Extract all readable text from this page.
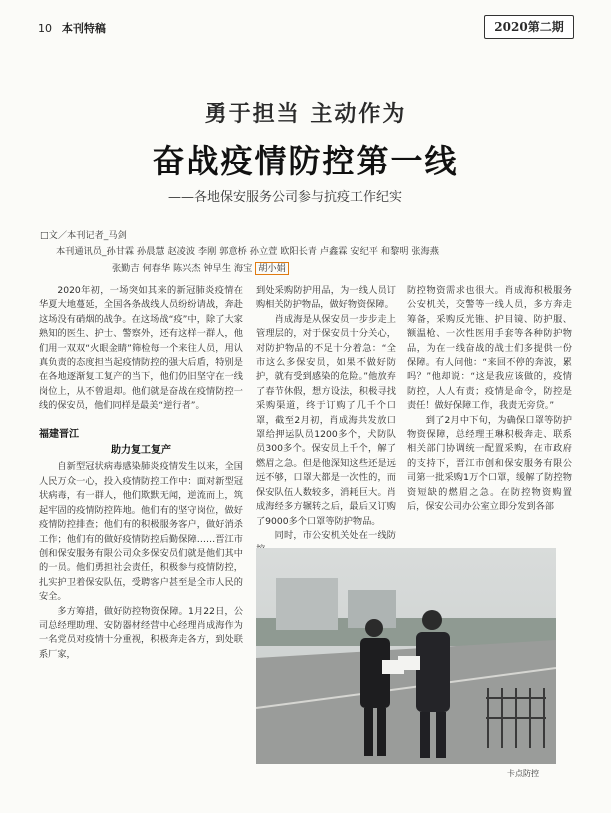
10 本刊特稿	2020第二期
勇于担当 主动作为
奋战疫情防控第一线
——各地保安服务公司参与抗疫工作纪实
□文／本刊记者_马剑
本刊通讯员_孙甘霖 孙晨慧 赵凌波 李刚 郭意桥 孙立萱 欧阳长青 卢鑫霖 安纪平 和黎明 张海燕
张勤吉 何春华 陈兴杰 钟早生 海宝 胡小娟

2020年初，一场突如其来的新冠肺炎疫情在华夏大地蔓延，全国各条战线人员纷纷请战，奔赴这场没有硝烟的战争。在这场战“疫”中，除了大家熟知的医生、护士、警察外，还有这样一群人，他们用一双双“火眼金睛”筛检每一个来往人员，用认真负责的态度担当起疫情防控的强大后盾，特别是在各地逐渐复工复产的当下，他们仍旧坚守在一线岗位上，从不曾退却。他们就是奋战在疫情防控一线的保安员，他们同样是最美“逆行者”。

福建晋江
助力复工复产

自新型冠状病毒感染肺炎疫情发生以来，全国人民万众一心，投入疫情防控工作中：面对新型冠状病毒，有一群人，他们欺默无闻，逆流而上，筑起牢固的疫情防控阵地。他们有的坚守岗位，做好疫情防控排查；他们有的积极服务客户，做好消杀工作；他们有的做好疫情防控后勤保障……晋江市创和保安服务有限公司众多保安员们就是他们其中的一员。他们勇担社会责任，积极参与疫情防控，扎实护卫着保安队伍，受聘客户甚至是全市人民的安全。

多方筹措，做好防控物资保障。1月22日，公司总经理助理、安防器材经营中心经理肖成海作为一名党员对疫情十分重视，积极奔走各方，到处联系厂家，

到处采购防护用品，为一线人员订购相关防护物品，做好物资保障。
　　肖成海是从保安员一步步走上管理层的，对于保安员十分关心，对防护物品的不足十分着急：“全市这么多保安员，如果不做好防护，就有受到感染的危险。”他放弃了春节休假，想方设法，积极寻找采购渠道，终于订购了几千个口罩，截至2月初，肖成海共发放口罩给押运队员1200多个，犬防队员300多个。保安员上千个，解了燃眉之急。但是他深知这些还是远远不够，口罩大都是一次性的，而保安队伍人数较多，消耗巨大。肖成海经多方辗转之后，最后又订购了9000多个口罩等防护物品。
　　同时，市公安机关处在一线防
防控物资需求也很大。肖成海积极服务公安机关，交警等一线人员，多方奔走筹备，采购反光锥、护目镜、防护服、额温枪、一次性医用手套等各种防护物品，为在一线奋战的战士们多提供一份保障。有人问他：“来回不停的奔波，累吗？”他却说：“这是我应该做的，疫情防控，人人有责；疫情是命令，防控是责任！做好保障工作，我责无旁贷。”
　　到了2月中下旬，为确保口罩等防护物资保障，总经理王琳积极奔走、联系相关部门协调统一配置采购，在市政府的支持下，晋江市创和保安服务有限公司第一批采购1万个口罩，缓解了防控物资短缺的燃眉之急。在防控物资购置后，保安公司办公室立即分发到各部
卡点防控
